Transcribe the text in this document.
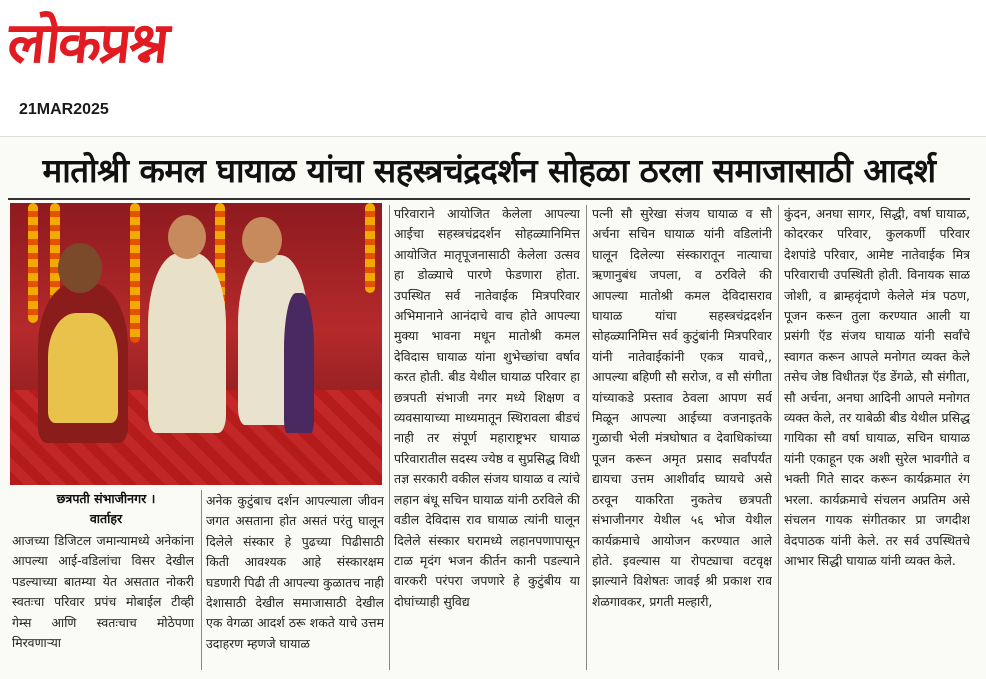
लोकप्रश्न
21MAR2025
मातोश्री कमल घायाळ यांचा सहस्त्रचंद्रदर्शन सोहळा ठरला समाजासाठी आदर्श
छत्रपती संभाजीनगर ।
वार्ताहर
आजच्या डिजिटल जमान्यामध्ये अनेकांना आपल्या आई-वडिलांचा विसर देखील पडल्याच्या बातम्या येत असतात नोकरी स्वतःचा परिवार प्रपंच मोबाईल टीव्ही गेम्स आणि स्वतःचाच मोठेपणा मिरवणाऱ्या
अनेक कुटुंबाच दर्शन आपल्याला जीवन जगत असताना होत असतं परंतु घालून दिलेले संस्कार हे पुढच्या पिढीसाठी किती आवश्यक आहे संस्कारक्षम घडणारी पिढी ती आपल्या कुळातच नाही देशासाठी देखील समाजासाठी देखील एक वेगळा आदर्श ठरू शकते याचे उत्तम उदाहरण म्हणजे घायाळ
परिवाराने आयोजित केलेला आपल्या आईचा सहस्त्रचंद्रदर्शन सोहळ्यानिमित्त आयोजित मातृपूजनासाठी केलेला उत्सव हा डोळ्याचे पारणे फेडणारा होता. उपस्थित सर्व नातेवाईक मित्रपरिवार अभिमानाने आनंदाचे वाच होते आपल्या मुक्या भावना मधून मातोश्री कमल देविदास घायाळ यांना शुभेच्छांचा वर्षाव करत होती. बीड येथील घायाळ परिवार हा छत्रपती संभाजी नगर मध्ये शिक्षण व व्यवसायाच्या माध्यमातून स्थिरावला बीडचं नाही तर संपूर्ण महाराष्ट्रभर घायाळ परिवारातील सदस्य ज्येष्ठ व सुप्रसिद्ध विधी तज्ञ सरकारी वकील संजय घायाळ व त्यांचे लहान बंधू सचिन घायाळ यांनी ठरविले की वडील देविदास राव घायाळ त्यांनी घालून दिलेले संस्कार घरामध्ये लहानपणापासून टाळ मृदंग भजन कीर्तन कानी पडल्याने वारकरी परंपरा जपणारे हे कुटुंबीय या दोघांच्याही सुविद्य
पत्नी सौ सुरेखा संजय घायाळ व सौ अर्चना सचिन घायाळ यांनी वडिलांनी घालून दिलेल्या संस्कारातून नात्याचा ऋणानुबंध जपला, व ठरविले की आपल्या मातोश्री कमल देविदासराव घायाळ यांचा सहस्त्रचंद्रदर्शन सोहळ्यानिमित्त सर्व कुटुंबांनी मित्रपरिवार यांनी नातेवाईकांनी एकत्र यावचे,, आपल्या बहिणी सौ सरोज, व सौ संगीता यांच्याकडे प्रस्ताव ठेवला आपण सर्व मिळून आपल्या आईच्या वजनाइतके गुळाची भेली मंत्रघोषात व देवाधिकांच्या पूजन करून अमृत प्रसाद सर्वांपर्यंत द्यायचा उत्तम आशीर्वाद घ्यायचे असे ठरवून याकरिता नुकतेच छत्रपती संभाजीनगर येथील ५६ भोज येथील कार्यक्रमाचे आयोजन करण्यात आले होते. इवल्यास या रोपट्याचा वटवृक्ष झाल्याने विशेषतः जावई श्री प्रकाश राव शेळगावकर, प्रगती मल्हारी,
कुंदन, अनघा सागर, सिद्धी, वर्षा घायाळ, कोदरकर परिवार, कुलकर्णी परिवार देशपांडे परिवार, आमेष्ट नातेवाईक मित्र परिवाराची उपस्थिती होती. विनायक साळ जोशी, व ब्राम्हवृंदाणे केलेले मंत्र पठण, पूजन करून तुला करण्यात आली या प्रसंगी ऍड संजय घायाळ यांनी सर्वांचे स्वागत करून आपले मनोगत व्यक्त केले तसेच जेष्ठ विधीतज्ञ ऍड डेंगळे, सौ संगीता, सौ अर्चना, अनघा आदिनी आपले मनोगत व्यक्त केले, तर याबेळी बीड येथील प्रसिद्ध गायिका सौ वर्षा घायाळ, सचिन घायाळ यांनी एकाहून एक अशी सुरेल भावगीते व भक्ती गिते सादर करून कार्यक्रमात रंग भरला. कार्यक्रमाचे संचलन अप्रतिम असे संचलन गायक संगीतकार प्रा जगदीश वेदपाठक यांनी केले. तर सर्व उपस्थितचे आभार सिद्धी घायाळ यांनी व्यक्त केले.
